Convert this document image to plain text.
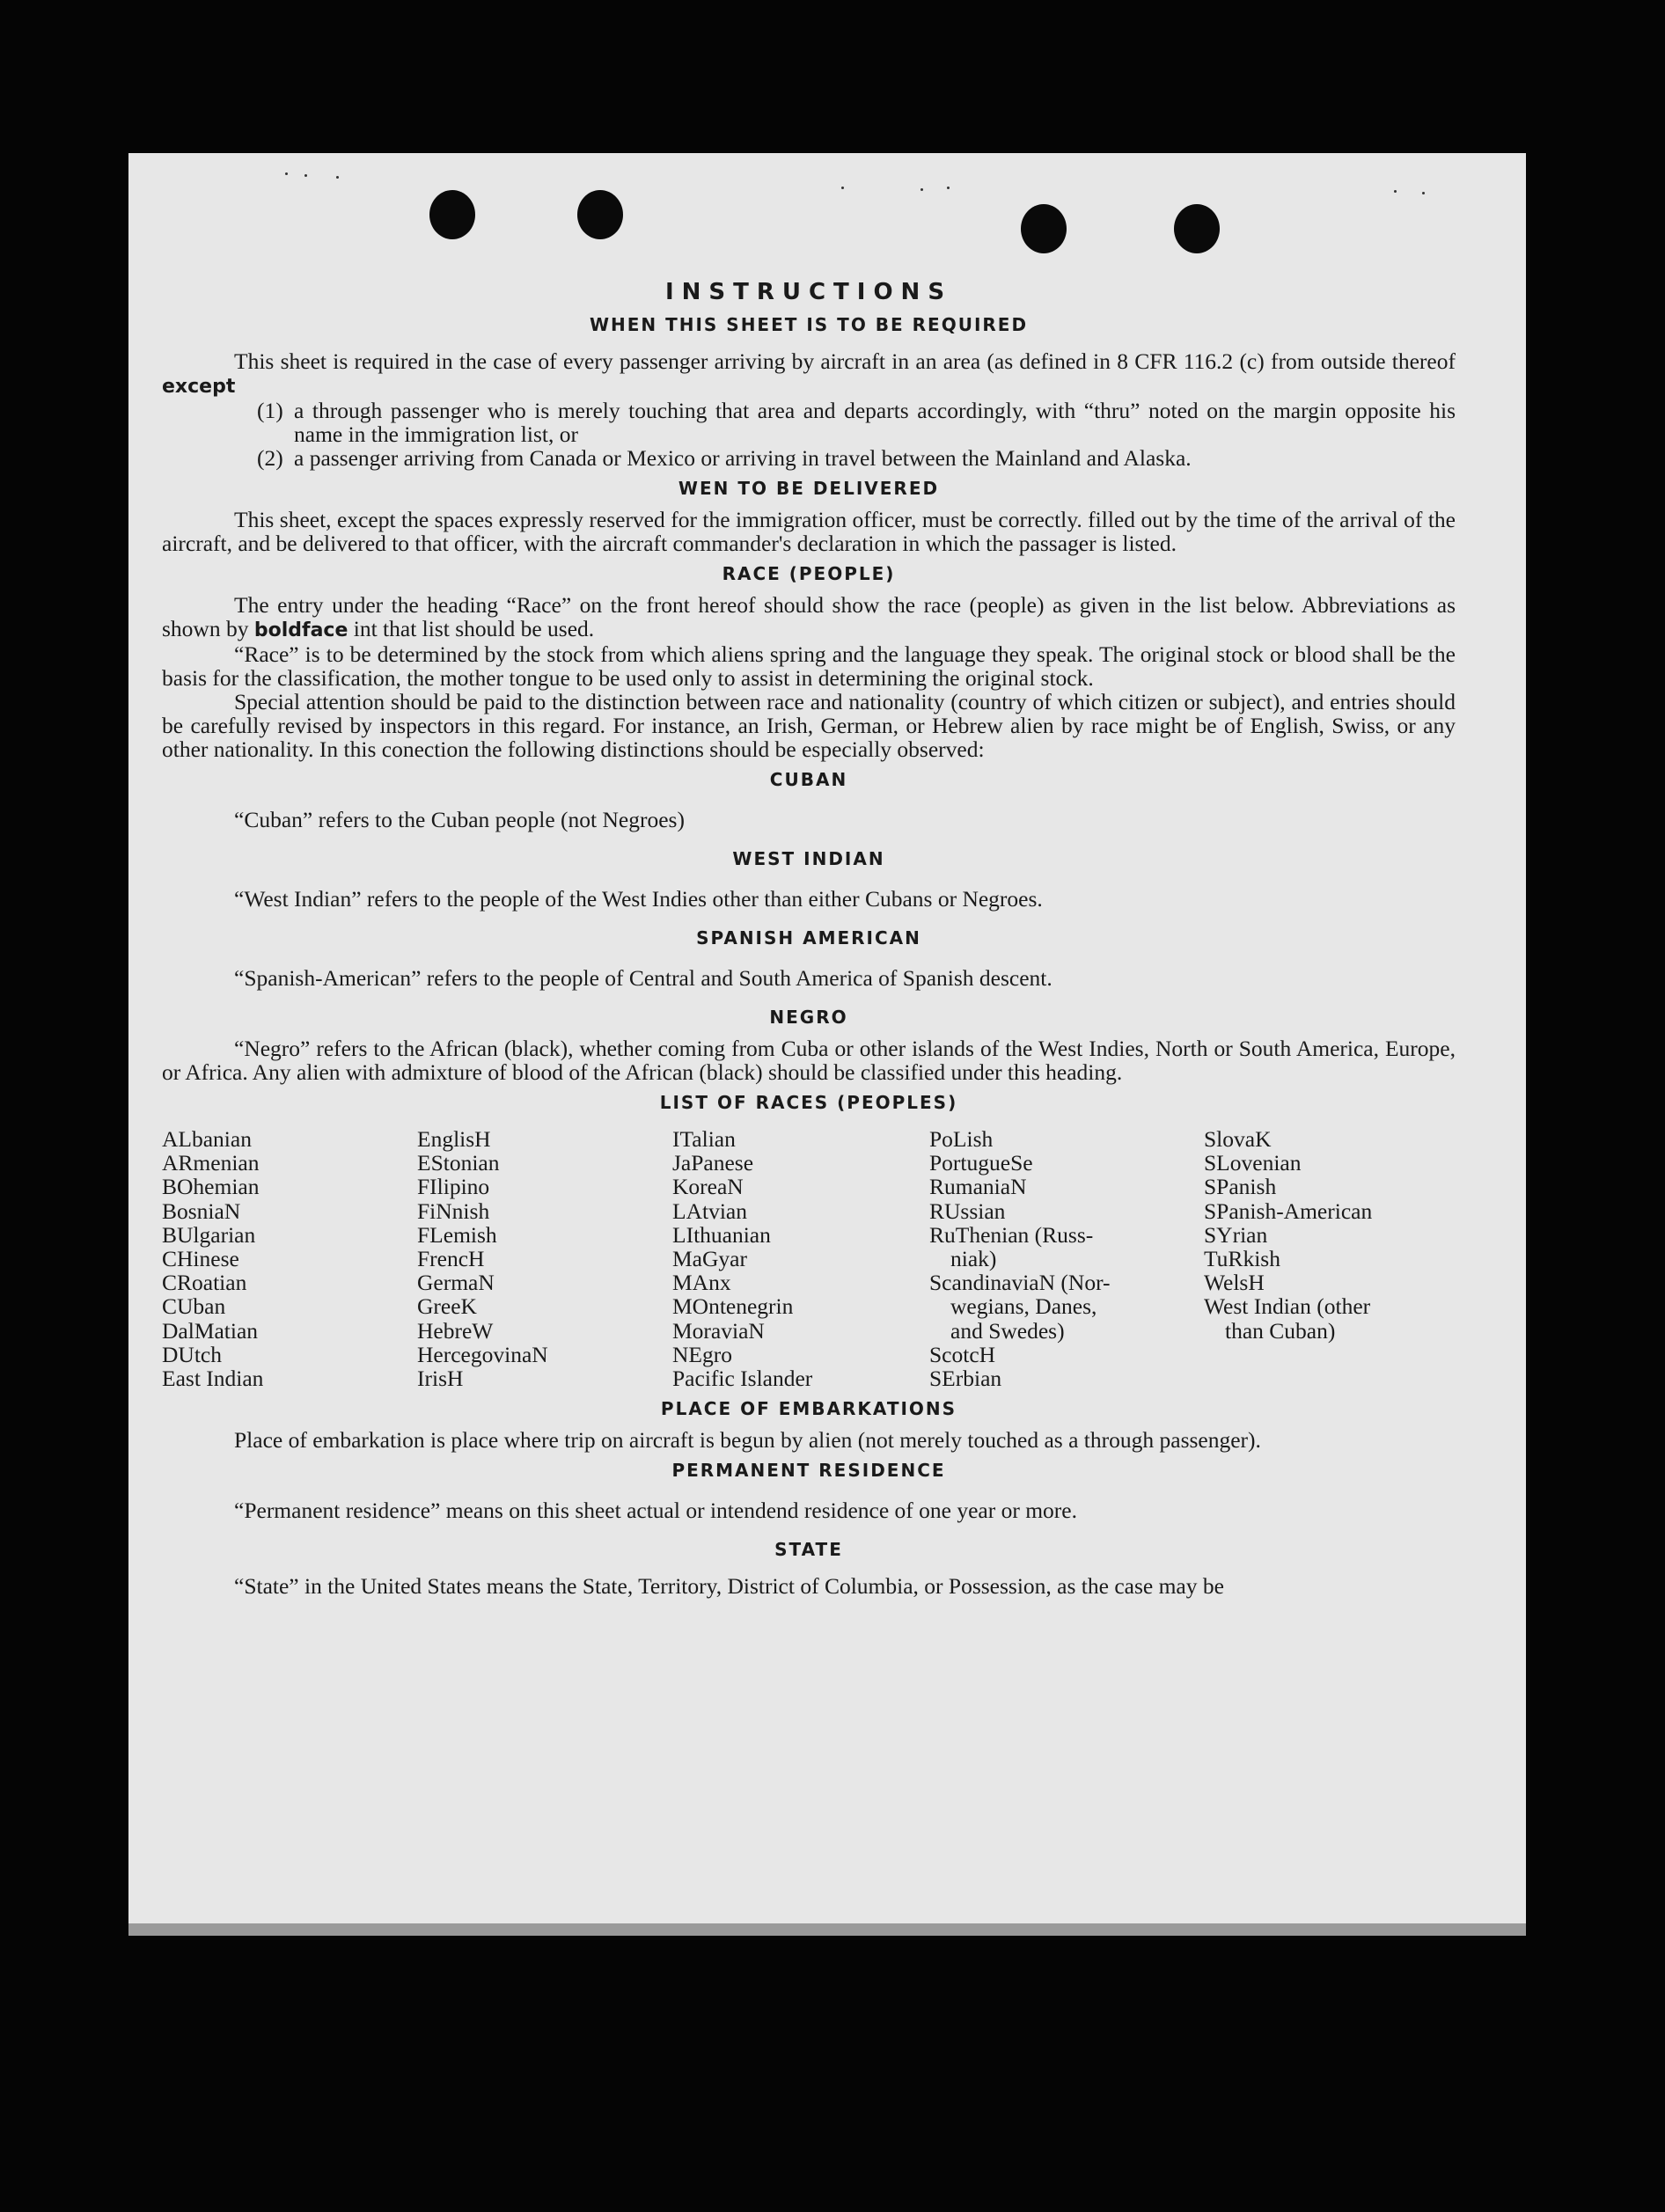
INSTRUCTIONS
WHEN THIS SHEET IS TO BE REQUIRED

This sheet is required in the case of every passenger arriving by aircraft in an area (as defined in 8 CFR 116.2 (c) from outside thereof except

(1) a through passenger who is merely touching that area and departs accordingly, with “thru” noted on the margin opposite his name in the immigration list, or
(2) a passenger arriving from Canada or Mexico or arriving in travel between the Mainland and Alaska.
WEN TO BE DELIVERED

This sheet, except the spaces expressly reserved for the immigration officer, must be correctly. filled out by the time of the arrival of the aircraft, and be delivered to that officer, with the aircraft commander's declaration in which the passager is listed.

RACE (PEOPLE)

The entry under the heading “Race” on the front hereof should show the race (people) as given in the list below. Abbreviations as shown by boldface int that list should be used.

“Race” is to be determined by the stock from which aliens spring and the language they speak. The original stock or blood shall be the basis for the classification, the mother tongue to be used only to assist in determining the original stock.

Special attention should be paid to the distinction between race and nationality (country of which citizen or subject), and entries should be carefully revised by inspectors in this regard. For instance, an Irish, German, or Hebrew alien by race might be of English, Swiss, or any other nationality. In this conection the following distinctions should be especially observed:

CUBAN

“Cuban” refers to the Cuban people (not Negroes)

WEST INDIAN

“West Indian” refers to the people of the West Indies other than either Cubans or Negroes.

SPANISH AMERICAN

“Spanish-American” refers to the people of Central and South America of Spanish descent.

NEGRO

“Negro” refers to the African (black), whether coming from Cuba or other islands of the West Indies, North or South America, Europe, or Africa. Any alien with admixture of blood of the African (black) should be classified under this heading.

LIST OF RACES (PEOPLES)
ALbanian
ARmenian
BOhemian
BosniaN
BUlgarian
CHinese
CRoatian
CUban
DalMatian
DUtch
East Indian
EnglisH
EStonian
FIlipino
FiNnish
FLemish
FrencH
GermaN
GreeK
HebreW
HercegovinaN
IrisH
ITalian
JaPanese
KoreaN
LAtvian
LIthuanian
MaGyar
MAnx
MOntenegrin
MoraviaN
NEgro
Pacific Islander
PoLish
PortugueSe
RumaniaN
RUssian
RuThenian (Russ-
niak)
ScandinaviaN (Nor-
wegians, Danes,
and Swedes)
ScotcH
SErbian
SlovaK
SLovenian
SPanish
SPanish-American
SYrian
TuRkish
WelsH
West Indian (other
than Cuban)
PLACE OF EMBARKATIONS

Place of embarkation is place where trip on aircraft is begun by alien (not merely touched as a through passenger).

PERMANENT RESIDENCE

“Permanent residence” means on this sheet actual or intendend residence of one year or more.

STATE

“State” in the United States means the State, Territory, District of Columbia, or Possession, as the case may be
